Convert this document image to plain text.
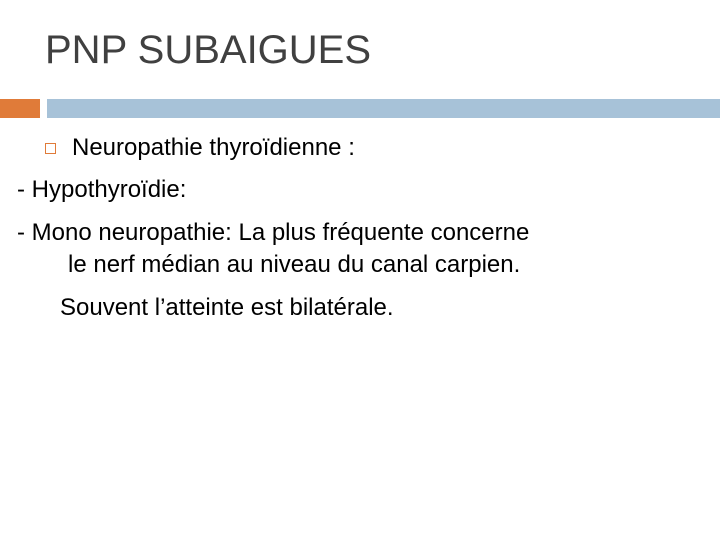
PNP SUBAIGUES
Neuropathie thyroïdienne :
- Hypothyroïdie:
- Mono neuropathie: La plus fréquente concerne
le nerf médian au niveau du canal carpien.
Souvent l’atteinte est bilatérale.
